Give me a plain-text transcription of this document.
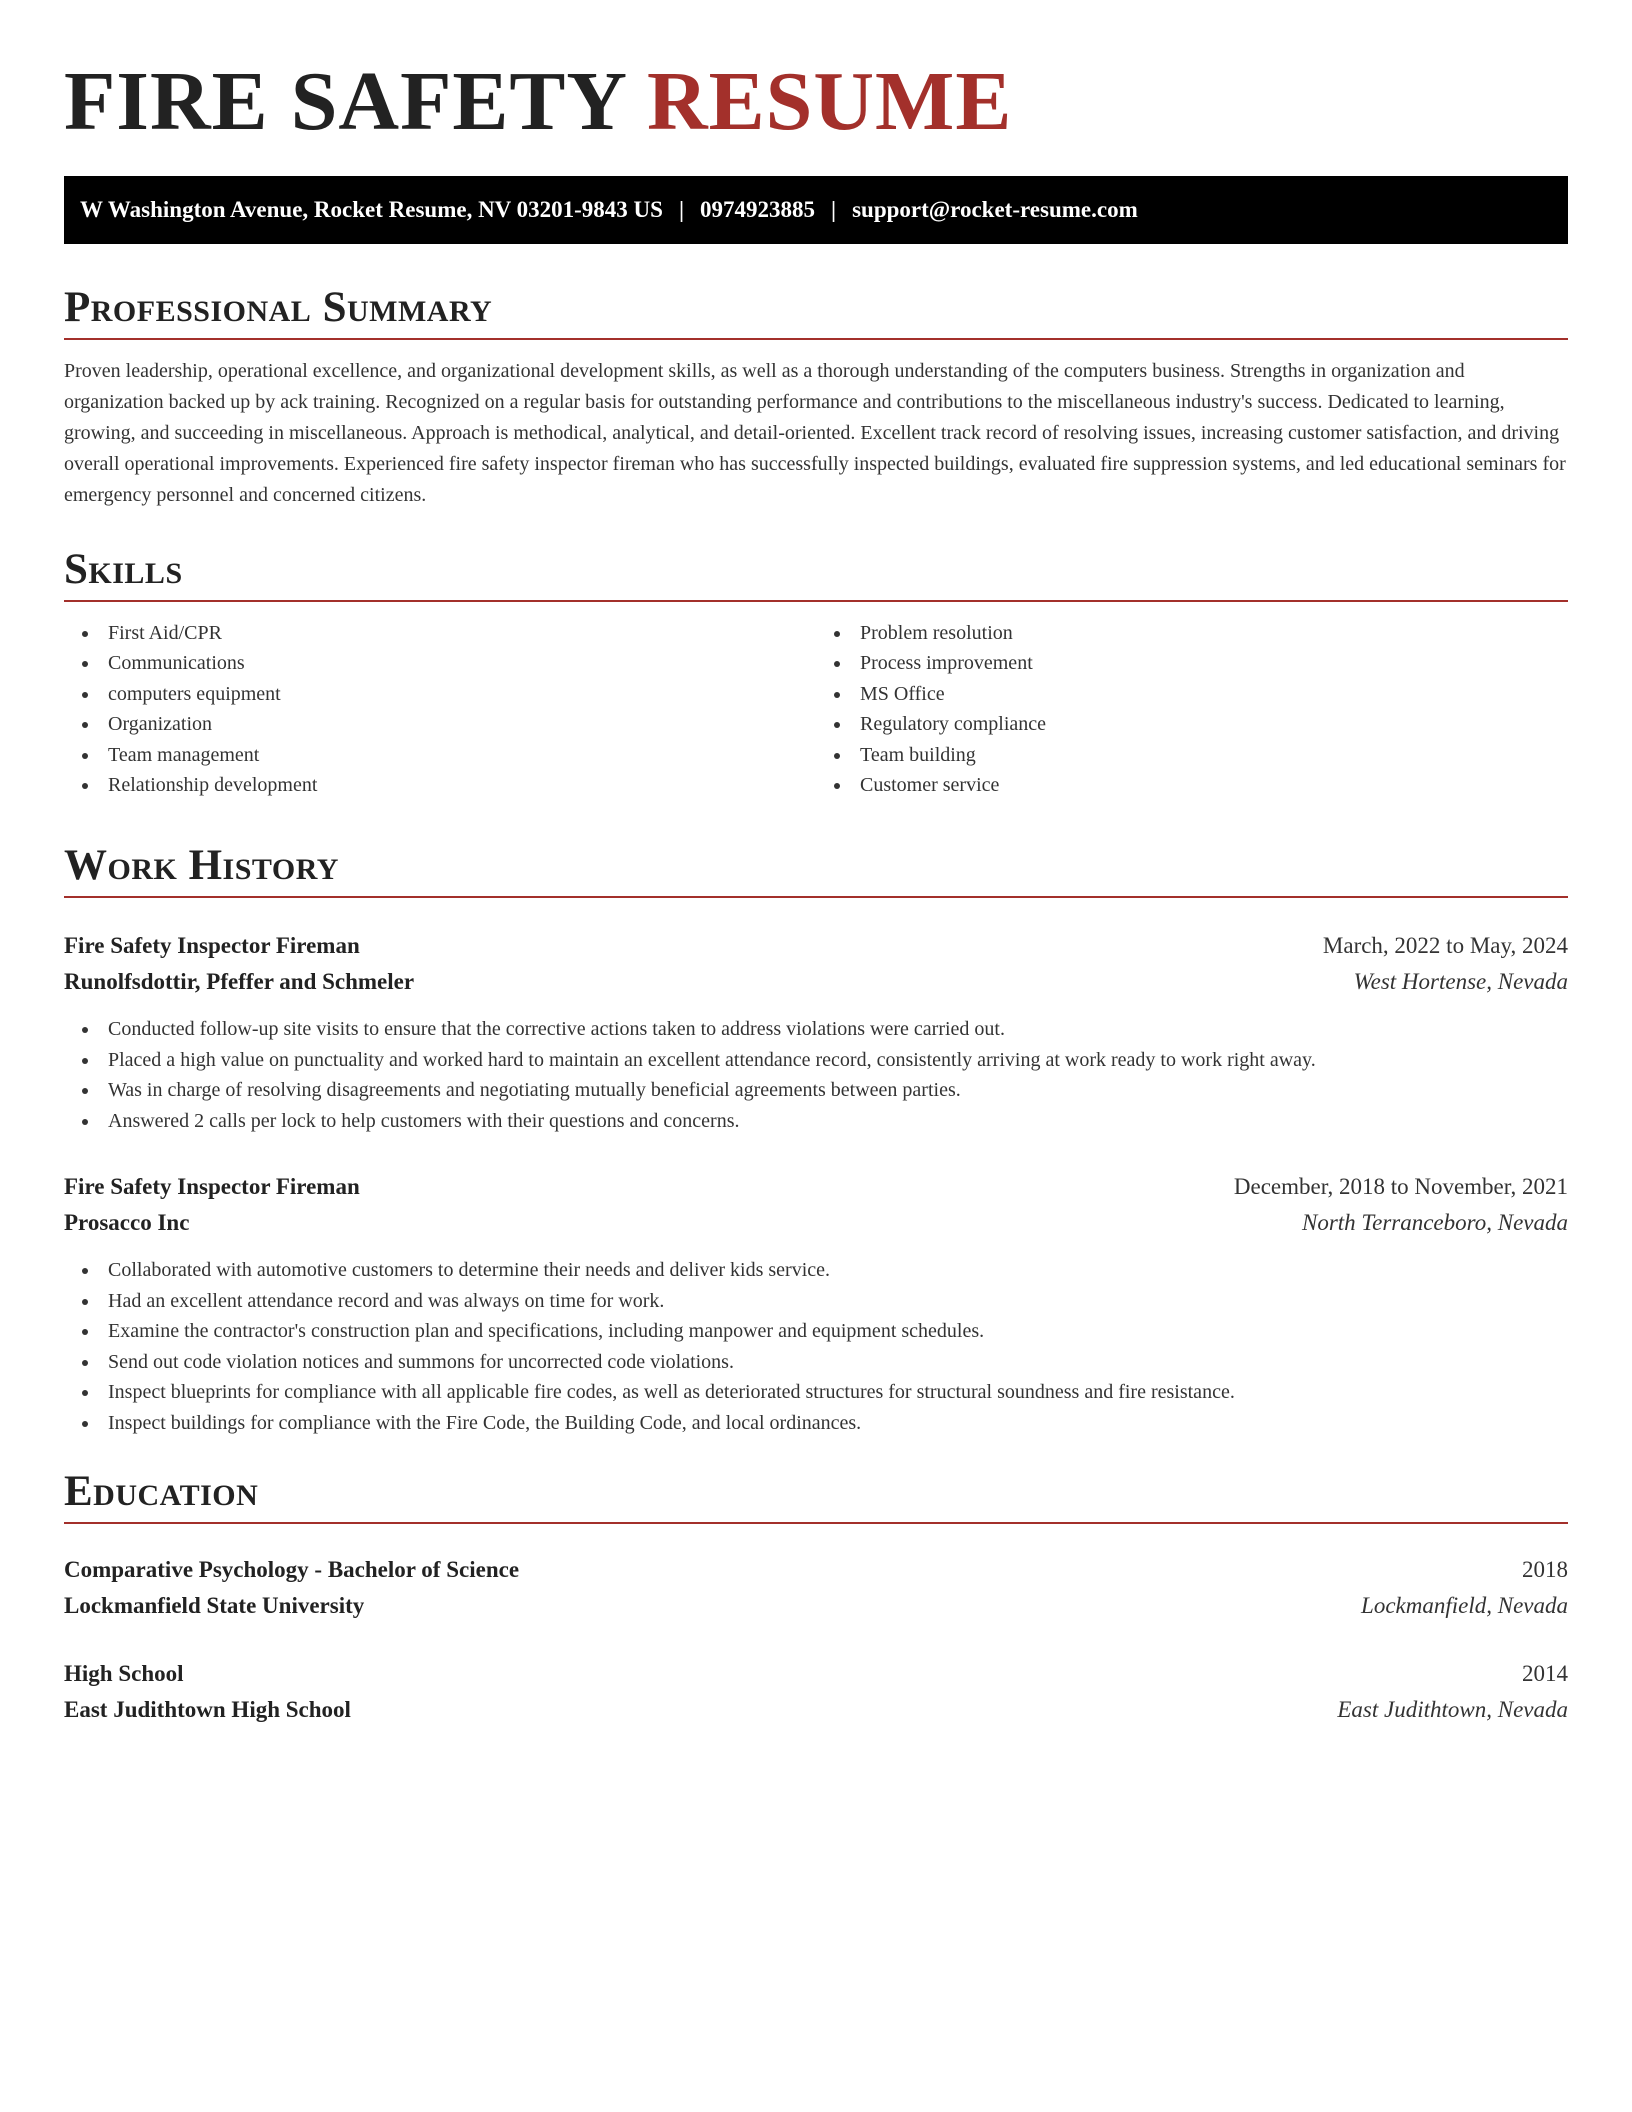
FIRE SAFETY RESUME
W Washington Avenue, Rocket Resume, NV 03201-9843 US | 0974923885 | support@rocket-resume.com
Professional Summary

Proven leadership, operational excellence, and organizational development skills, as well as a thorough understanding of the computers business. Strengths in organization and organization backed up by ack training. Recognized on a regular basis for outstanding performance and contributions to the miscellaneous industry's success. Dedicated to learning, growing, and succeeding in miscellaneous. Approach is methodical, analytical, and detail-oriented. Excellent track record of resolving issues, increasing customer satisfaction, and driving overall operational improvements. Experienced fire safety inspector fireman who has successfully inspected buildings, evaluated fire suppression systems, and led educational seminars for emergency personnel and concerned citizens.

Skills
First Aid/CPR
Communications
computers equipment
Organization
Team management
Relationship development
Problem resolution
Process improvement
MS Office
Regulatory compliance
Team building
Customer service
Work History
Fire Safety Inspector Fireman	March, 2022 to May, 2024
Runolfsdottir, Pfeffer and Schmeler	West Hortense, Nevada
Conducted follow-up site visits to ensure that the corrective actions taken to address violations were carried out.
Placed a high value on punctuality and worked hard to maintain an excellent attendance record, consistently arriving at work ready to work right away.
Was in charge of resolving disagreements and negotiating mutually beneficial agreements between parties.
Answered 2 calls per lock to help customers with their questions and concerns.
Fire Safety Inspector Fireman	December, 2018 to November, 2021
Prosacco Inc	North Terranceboro, Nevada
Collaborated with automotive customers to determine their needs and deliver kids service.
Had an excellent attendance record and was always on time for work.
Examine the contractor's construction plan and specifications, including manpower and equipment schedules.
Send out code violation notices and summons for uncorrected code violations.
Inspect blueprints for compliance with all applicable fire codes, as well as deteriorated structures for structural soundness and fire resistance.
Inspect buildings for compliance with the Fire Code, the Building Code, and local ordinances.
Education
Comparative Psychology - Bachelor of Science	2018
Lockmanfield State University	Lockmanfield, Nevada
High School	2014
East Judithtown High School	East Judithtown, Nevada
